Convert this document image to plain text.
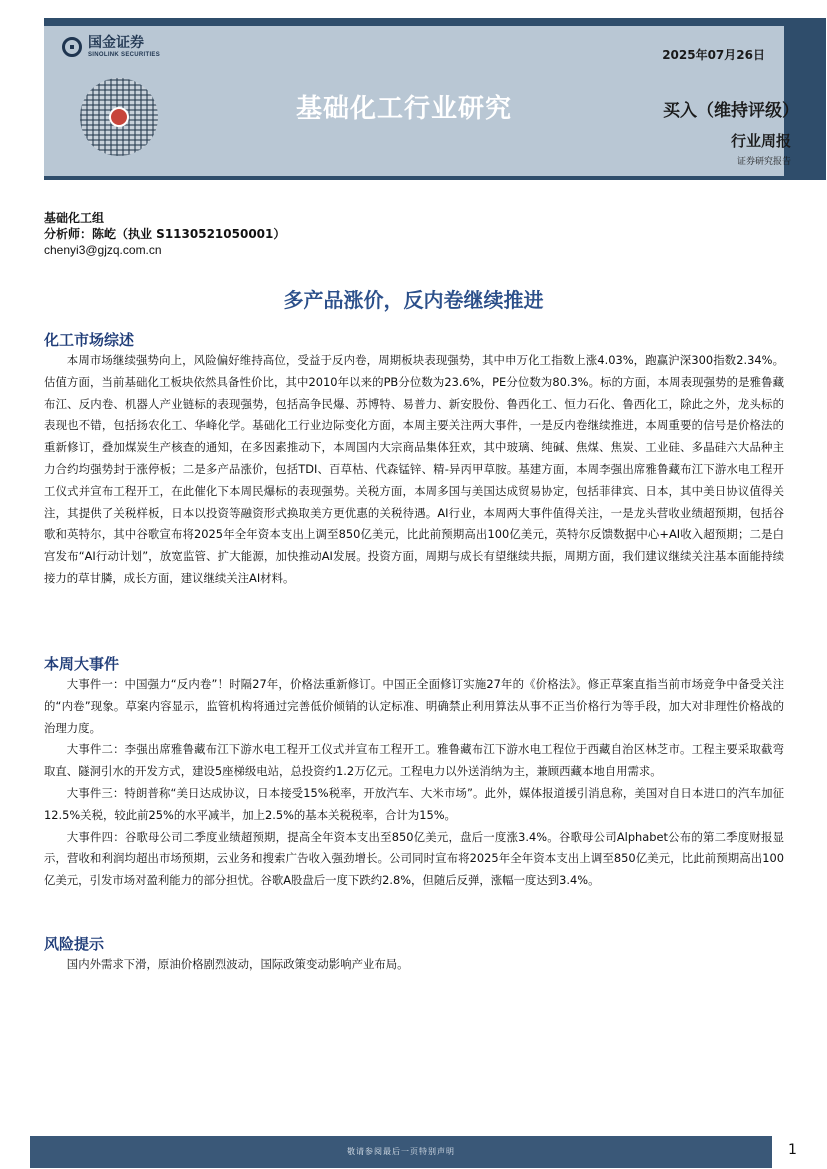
国金证券
SINOLINK SECURITIES
基础化工行业研究
2025年07月26日
买入（维持评级）
行业周报
证券研究报告
基础化工组
分析师：陈屹（执业 S1130521050001）
chenyi3@gjzq.com.cn
多产品涨价，反内卷继续推进
化工市场综述

本周市场继续强势向上，风险偏好维持高位，受益于反内卷，周期板块表现强势，其中申万化工指数上涨4.03%，跑赢沪深300指数2.34%。估值方面，当前基础化工板块依然具备性价比，其中2010年以来的PB分位数为23.6%，PE分位数为80.3%。标的方面，本周表现强势的是雅鲁藏布江、反内卷、机器人产业链标的表现强势，包括高争民爆、苏博特、易普力、新安股份、鲁西化工、恒力石化、鲁西化工，除此之外，龙头标的表现也不错，包括扬农化工、华峰化学。基础化工行业边际变化方面，本周主要关注两大事件，一是反内卷继续推进，本周重要的信号是价格法的重新修订，叠加煤炭生产核查的通知，在多因素推动下，本周国内大宗商品集体狂欢，其中玻璃、纯碱、焦煤、焦炭、工业硅、多晶硅六大品种主力合约均强势封于涨停板；二是多产品涨价，包括TDI、百草枯、代森锰锌、精-异丙甲草胺。基建方面，本周李强出席雅鲁藏布江下游水电工程开工仪式并宣布工程开工，在此催化下本周民爆标的表现强势。关税方面，本周多国与美国达成贸易协定，包括菲律宾、日本，其中美日协议值得关注，其提供了关税样板，日本以投资等融资形式换取美方更优惠的关税待遇。AI行业，本周两大事件值得关注，一是龙头营收业绩超预期，包括谷歌和英特尔，其中谷歌宣布将2025年全年资本支出上调至850亿美元，比此前预期高出100亿美元，英特尔反馈数据中心+AI收入超预期；二是白宫发布“AI行动计划”，放宽监管、扩大能源，加快推动AI发展。投资方面，周期与成长有望继续共振，周期方面，我们建议继续关注基本面能持续接力的草甘膦，成长方面，建议继续关注AI材料。

本周大事件

大事件一：中国强力“反内卷”！时隔27年，价格法重新修订。中国正全面修订实施27年的《价格法》。修正草案直指当前市场竞争中备受关注的“内卷”现象。草案内容显示，监管机构将通过完善低价倾销的认定标准、明确禁止利用算法从事不正当价格行为等手段，加大对非理性价格战的治理力度。

大事件二：李强出席雅鲁藏布江下游水电工程开工仪式并宣布工程开工。雅鲁藏布江下游水电工程位于西藏自治区林芝市。工程主要采取截弯取直、隧洞引水的开发方式，建设5座梯级电站，总投资约1.2万亿元。工程电力以外送消纳为主，兼顾西藏本地自用需求。

大事件三：特朗普称“美日达成协议，日本接受15%税率，开放汽车、大米市场”。此外，媒体报道援引消息称，美国对自日本进口的汽车加征12.5%关税，较此前25%的水平减半，加上2.5%的基本关税税率，合计为15%。

大事件四：谷歌母公司二季度业绩超预期，提高全年资本支出至850亿美元，盘后一度涨3.4%。谷歌母公司Alphabet公布的第二季度财报显示，营收和利润均超出市场预期，云业务和搜索广告收入强劲增长。公司同时宣布将2025年全年资本支出上调至850亿美元，比此前预期高出100亿美元，引发市场对盈利能力的部分担忧。谷歌A股盘后一度下跌约2.8%，但随后反弹，涨幅一度达到3.4%。

风险提示

国内外需求下滑，原油价格剧烈波动，国际政策变动影响产业布局。

敬请参阅最后一页特别声明	1
